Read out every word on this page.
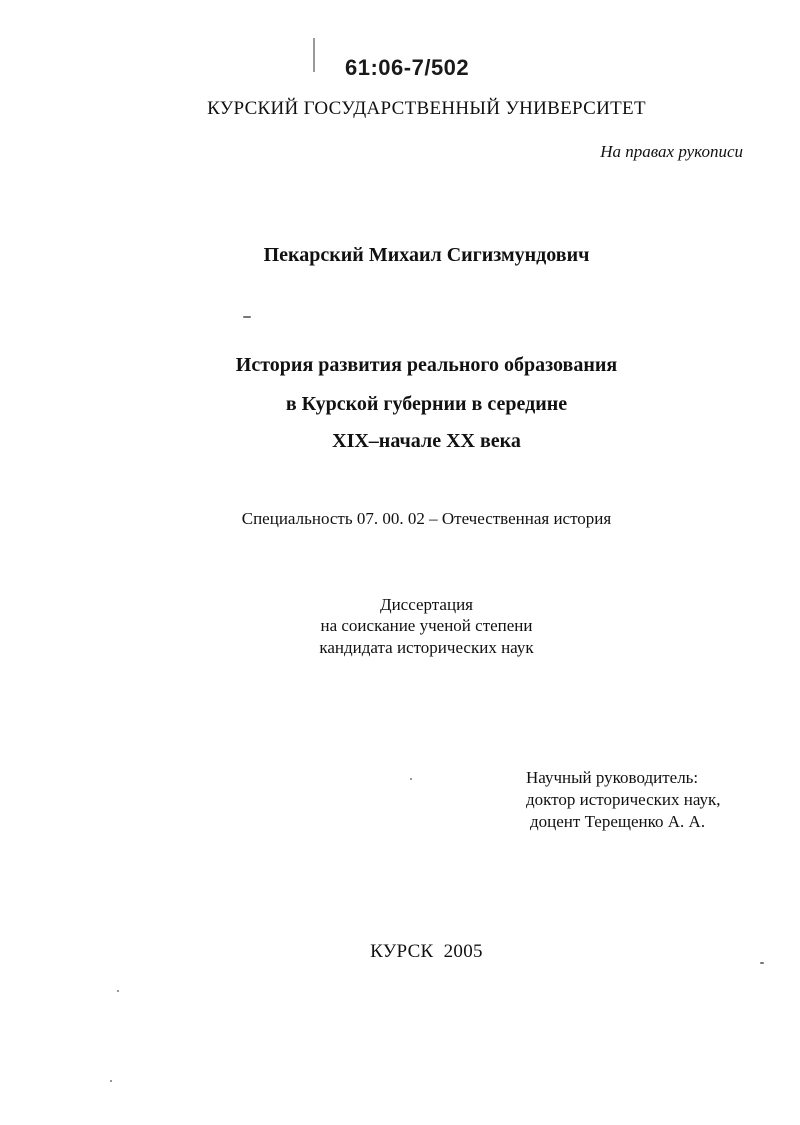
61:06-7/502
КУРСКИЙ ГОСУДАРСТВЕННЫЙ УНИВЕРСИТЕТ
На правах рукописи
Пекарский Михаил Сигизмундович
История развития реального образования
в Курской губернии в середине
XIX–начале XX века
Специальность 07. 00. 02 – Отечественная история
Диссертация
на соискание ученой степени
кандидата исторических наук
Научный руководитель:
доктор исторических наук,
доцент Терещенко А. А.
КУРСК  2005
